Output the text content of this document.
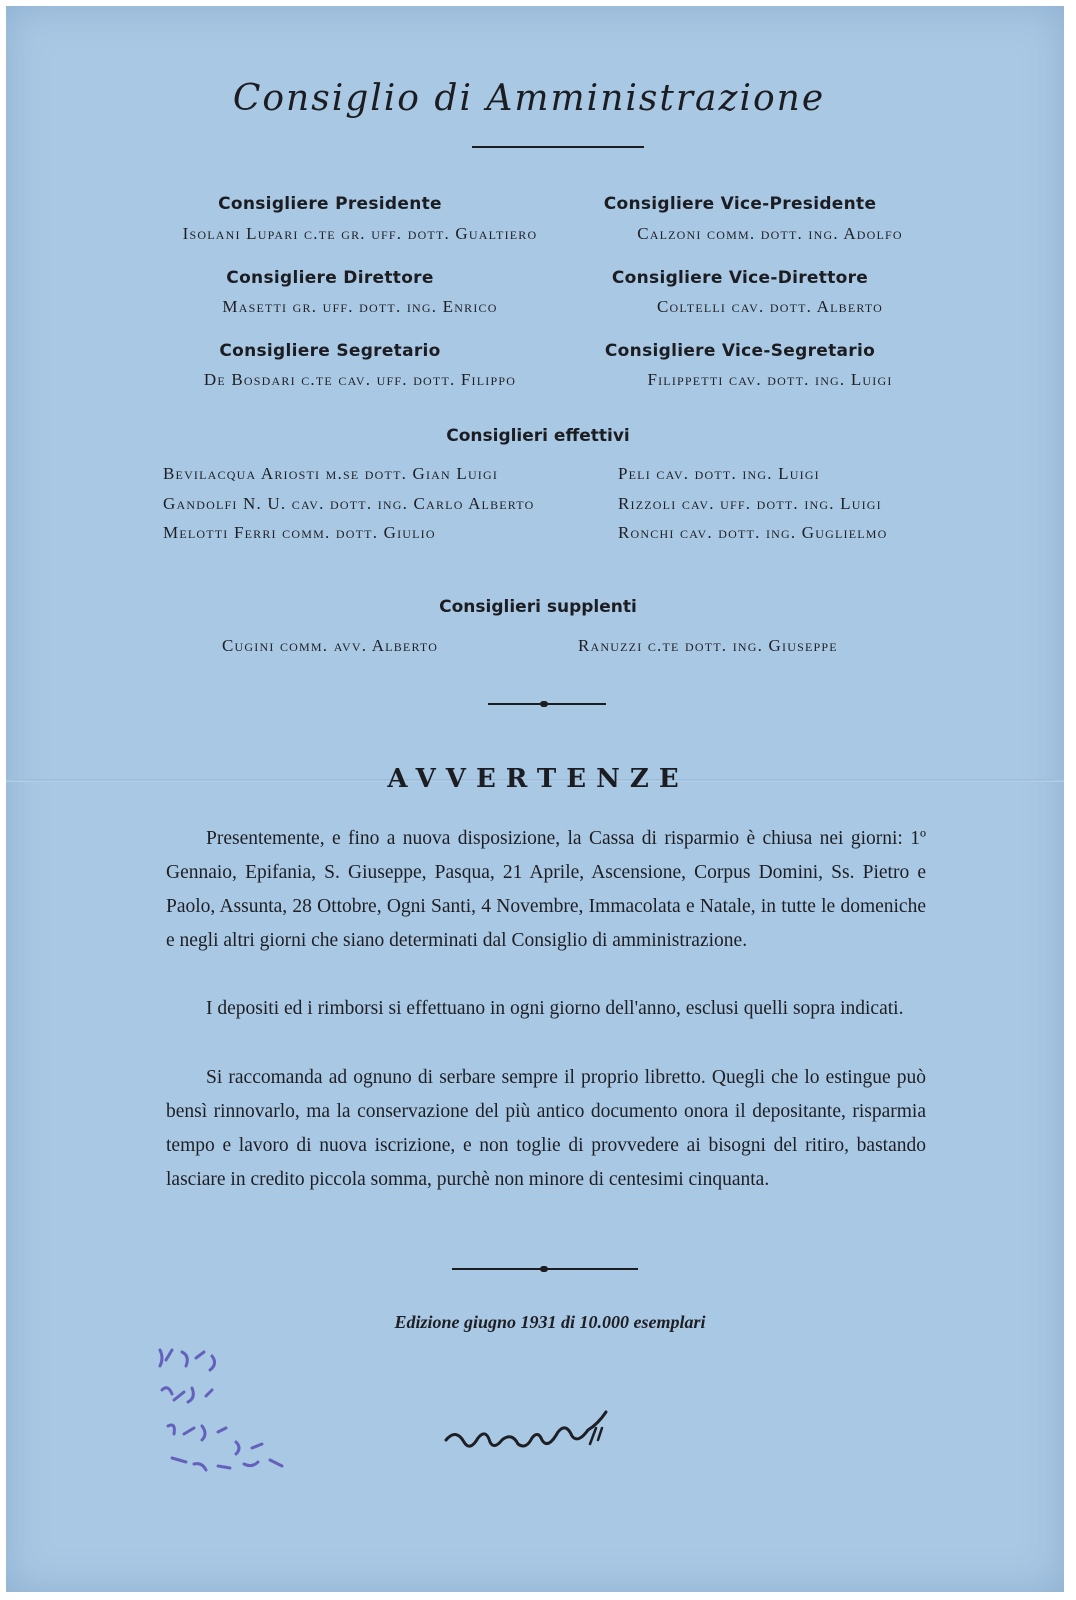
Consiglio di Amministrazione
Consigliere Presidente
Isolani Lupari c.te gr. uff. dott. Gualtiero
Consigliere Vice-Presidente
Calzoni comm. dott. ing. Adolfo
Consigliere Direttore
Masetti gr. uff. dott. ing. Enrico
Consigliere Vice-Direttore
Coltelli cav. dott. Alberto
Consigliere Segretario
De Bosdari c.te cav. uff. dott. Filippo
Consigliere Vice-Segretario
Filippetti cav. dott. ing. Luigi
Consiglieri effettivi
Bevilacqua Ariosti m.se dott. Gian Luigi
Gandolfi N. U. cav. dott. ing. Carlo Alberto
Melotti Ferri comm. dott. Giulio
Peli cav. dott. ing. Luigi
Rizzoli cav. uff. dott. ing. Luigi
Ronchi cav. dott. ing. Guglielmo
Consiglieri supplenti
Cugini comm. avv. Alberto	Ranuzzi c.te dott. ing. Giuseppe
AVVERTENZE
Presentemente, e fino a nuova disposizione, la Cassa di risparmio è chiusa nei giorni: 1º Gennaio, Epifania, S. Giuseppe, Pasqua, 21 Aprile, Ascensione, Corpus Domini, Ss. Pietro e Paolo, Assunta, 28 Ottobre, Ogni Santi, 4 Novembre, Immacolata e Natale, in tutte le domeniche e negli altri giorni che siano determinati dal Consiglio di amministrazione.
I depositi ed i rimborsi si effettuano in ogni giorno dell'anno, esclusi quelli sopra indicati.
Si raccomanda ad ognuno di serbare sempre il proprio libretto. Quegli che lo estingue può bensì rinnovarlo, ma la conservazione del più antico documento onora il depositante, risparmia tempo e lavoro di nuova iscrizione, e non toglie di provvedere ai bisogni del ritiro, bastando lasciare in credito piccola somma, purchè non minore di centesimi cinquanta.
Edizione giugno 1931 di 10.000 esemplari
